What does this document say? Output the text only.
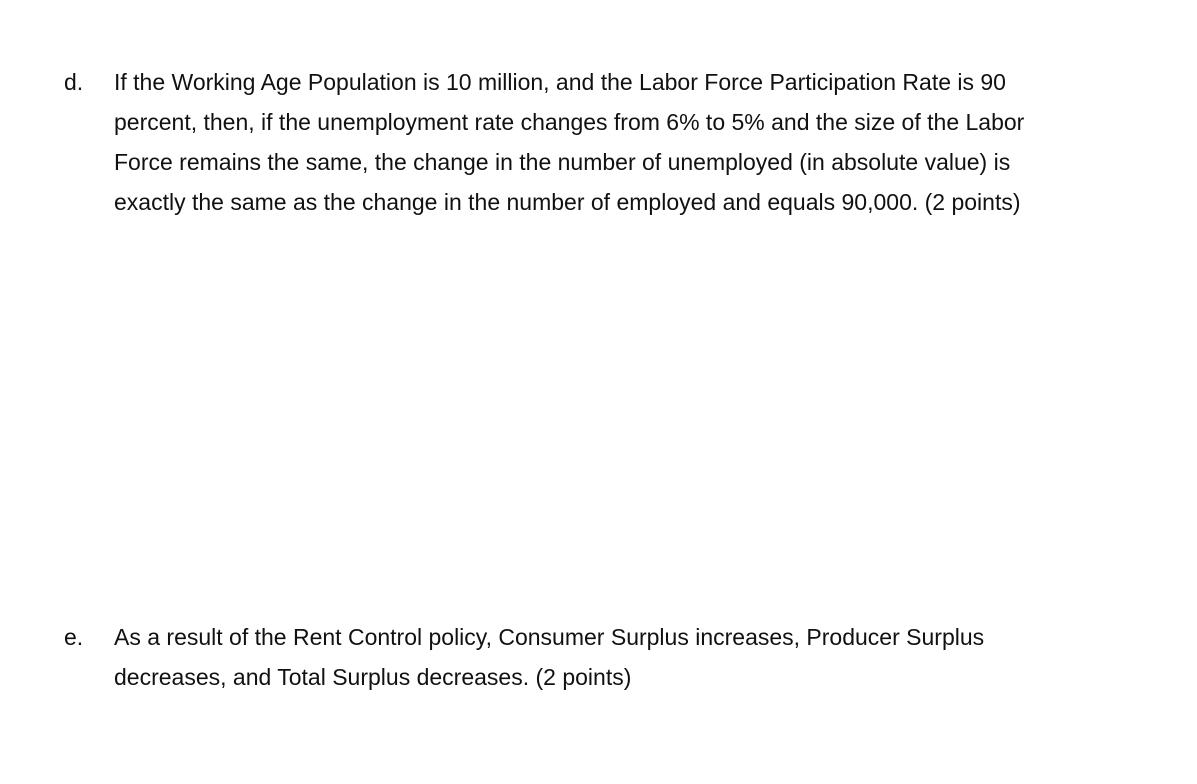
d.	If the Working Age Population is 10 million, and the Labor Force Participation Rate is 90
percent, then, if the unemployment rate changes from 6% to 5% and the size of the Labor
Force remains the same, the change in the number of unemployed (in absolute value) is
exactly the same as the change in the number of employed and equals 90,000. (2 points)
e.	As a result of the Rent Control policy, Consumer Surplus increases, Producer Surplus
decreases, and Total Surplus decreases. (2 points)
